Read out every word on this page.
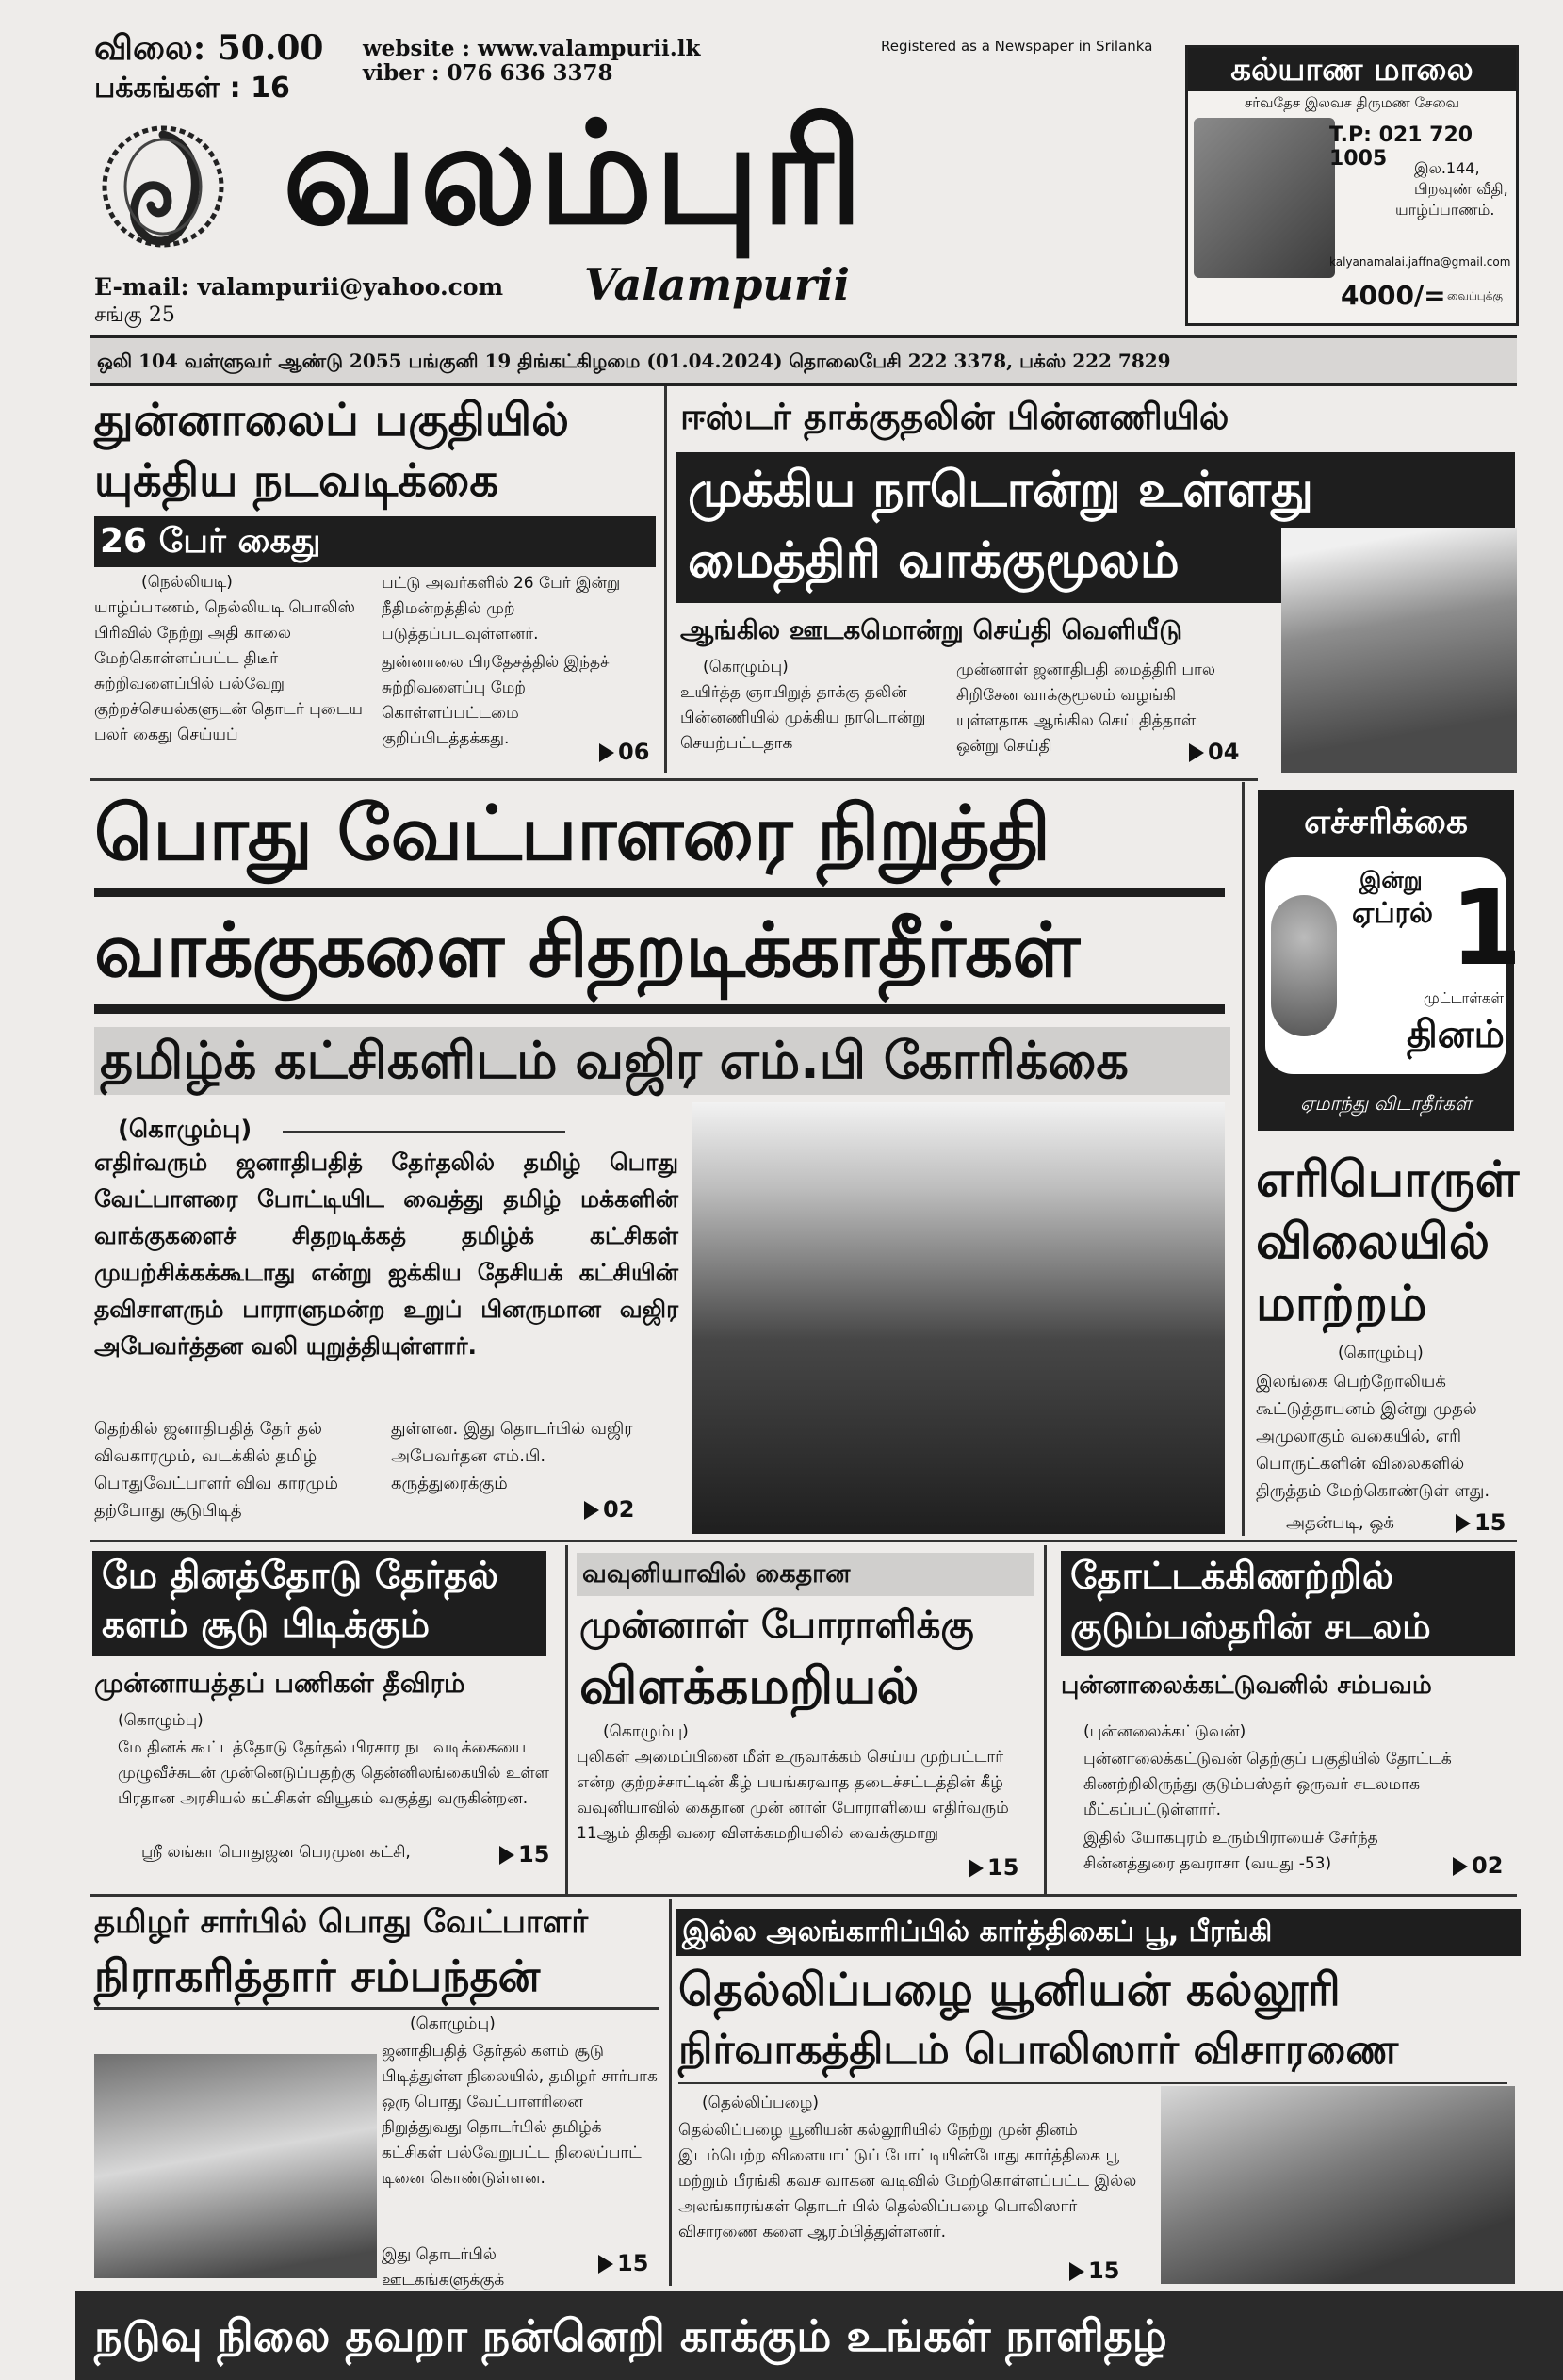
விலை: 50.00
பக்கங்கள் : 16
website : www.valampurii.lk
viber : 076 636 3378
Registered as a Newspaper in Srilanka
வலம்புரி
Valampurii
E-mail: valampurii@yahoo.com
சங்கு 25
கல்யாண மாலை
சர்வதேச இலவச திருமண சேவை
T.P: 021 720 1005	இல.144,
பிறவுண் வீதி,
யாழ்ப்பாணம்.
kalyanamalai.jaffna@gmail.com
4000/= வைப்புக்கு
ஒலி 104 வள்ளுவர் ஆண்டு 2055 பங்குனி 19 திங்கட்கிழமை (01.04.2024) தொலைபேசி 222 3378, பக்ஸ் 222 7829
துன்னாலைப் பகுதியில்
யுக்திய நடவடிக்கை
26 பேர் கைது
(நெல்லியடி)
யாழ்ப்பாணம், நெல்லியடி பொலிஸ் பிரிவில் நேற்று அதி காலை மேற்கொள்ளப்பட்ட திடீர் சுற்றிவளைப்பில் பல்வேறு குற்றச்செயல்களுடன் தொடர் புடைய பலர் கைது செய்யப்
பட்டு அவர்களில் 26 பேர் இன்று நீதிமன்றத்தில் முற் படுத்தப்படவுள்ளனர்.
துன்னாலை பிரதேசத்தில் இந்தச் சுற்றிவளைப்பு மேற் கொள்ளப்பட்டமை குறிப்பிடத்தக்கது.	06
ஈஸ்டர் தாக்குதலின் பின்னணியில்
முக்கிய நாடொன்று உள்ளது
மைத்திரி வாக்குமூலம்
ஆங்கில ஊடகமொன்று செய்தி வெளியீடு
(கொழும்பு)
உயிர்த்த ஞாயிறுத் தாக்கு தலின் பின்னணியில் முக்கிய நாடொன்று செயற்பட்டதாக
முன்னாள் ஜனாதிபதி மைத்திரி பால சிறிசேன வாக்குமூலம் வழங்கி யுள்ளதாக ஆங்கில செய் தித்தாள் ஒன்று செய்தி	04
பொது வேட்பாளரை நிறுத்தி
வாக்குகளை சிதறடிக்காதீர்கள்
தமிழ்க் கட்சிகளிடம் வஜிர எம்.பி கோரிக்கை
(கொழும்பு)
எதிர்வரும் ஜனாதிபதித் தேர்தலில் தமிழ் பொது வேட்பாளரை போட்டியிட வைத்து தமிழ் மக்களின் வாக்குகளைச் சிதறடிக்கத் தமிழ்க் கட்சிகள் முயற்சிக்கக்கூடாது என்று ஐக்கிய தேசியக் கட்சியின் தவிசாளரும் பாராளுமன்ற உறுப் பினருமான வஜிர அபேவர்த்தன வலி யுறுத்தியுள்ளார்.
தெற்கில் ஜனாதிபதித் தேர் தல் விவகாரமும், வடக்கில் தமிழ் பொதுவேட்பாளர் விவ காரமும் தற்போது சூடுபிடித்
துள்ளன. இது தொடர்பில் வஜிர அபேவர்தன எம்.பி. கருத்துரைக்கும்
02
எச்சரிக்கை
இன்று
ஏப்ரல் 1
முட்டாள்கள்
தினம்
ஏமாந்து விடாதீர்கள்
எரிபொருள்
விலையில்
மாற்றம்
(கொழும்பு)
இலங்கை பெற்றோலியக் கூட்டுத்தாபனம் இன்று முதல் அமுலாகும் வகையில், எரி பொருட்களின் விலைகளில் திருத்தம் மேற்கொண்டுள் ளது.
அதன்படி, ஒக்	15
மே தினத்தோடு தேர்தல்
களம் சூடு பிடிக்கும்
முன்னாயத்தப் பணிகள் தீவிரம்
(கொழும்பு)
மே தினக் கூட்டத்தோடு தேர்தல் பிரசார நட வடிக்கையை முழுவீச்சுடன் முன்னெடுப்பதற்கு தென்னிலங்கையில் உள்ள பிரதான அரசியல் கட்சிகள் வியூகம் வகுத்து வருகின்றன.
ஸ்ரீ லங்கா பொதுஜன பெரமுன கட்சி,	15
வவுனியாவில் கைதான
முன்னாள் போராளிக்கு
விளக்கமறியல்
(கொழும்பு)
புலிகள் அமைப்பினை மீள் உருவாக்கம் செய்ய முற்பட்டார் என்ற குற்றச்சாட்டின் கீழ் பயங்கரவாத தடைச்சட்டத்தின் கீழ் வவுனியாவில் கைதான முன் னாள் போராளியை எதிர்வரும் 11ஆம் திகதி வரை விளக்கமறியலில் வைக்குமாறு
15
தோட்டக்கிணற்றில்
குடும்பஸ்தரின் சடலம்
புன்னாலைக்கட்டுவனில் சம்பவம்
(புன்னலைக்கட்டுவன்)
புன்னாலைக்கட்டுவன் தெற்குப் பகுதியில் தோட்டக் கிணற்றிலிருந்து குடும்பஸ்தர் ஒருவர் சடலமாக மீட்கப்பட்டுள்ளார்.
இதில் யோகபுரம் உரும்பிராயைச் சேர்ந்த சின்னத்துரை தவராசா (வயது -53)	02
தமிழர் சார்பில் பொது வேட்பாளர்
நிராகரித்தார் சம்பந்தன்
(கொழும்பு)
ஜனாதிபதித் தேர்தல் களம் சூடு பிடித்துள்ள நிலையில், தமிழர் சார்பாக ஒரு பொது வேட்பாளரினை நிறுத்துவது தொடர்பில் தமிழ்க் கட்சிகள் பல்வேறுபட்ட நிலைப்பாட் டினை கொண்டுள்ளன.
இது தொடர்பில் ஊடகங்களுக்குக்
15
இல்ல அலங்காரிப்பில் கார்த்திகைப் பூ, பீரங்கி
தெல்லிப்பழை யூனியன் கல்லூரி
நிர்வாகத்திடம் பொலிஸார் விசாரணை
(தெல்லிப்பழை)
தெல்லிப்பழை யூனியன் கல்லூரியில் நேற்று முன் தினம் இடம்பெற்ற விளையாட்டுப் போட்டியின்போது கார்த்திகை பூ மற்றும் பீரங்கி கவச வாகன வடிவில் மேற்கொள்ளப்பட்ட இல்ல அலங்காரங்கள் தொடர் பில் தெல்லிப்பழை பொலிஸார் விசாரணை களை ஆரம்பித்துள்ளனர்.
15
நடுவு நிலை தவறா நன்னெறி காக்கும் உங்கள் நாளிதழ்
